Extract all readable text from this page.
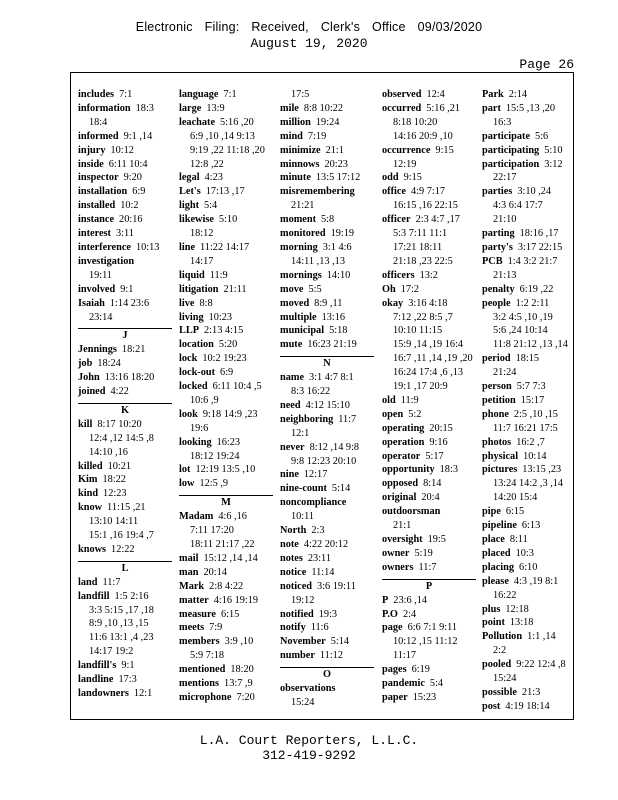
Electronic Filing: Received, Clerk's Office 09/03/2020
August 19, 2020
Page 26
includes 7:1
information 18:3
18:4
informed 9:1 ,14
injury 10:12
inside 6:11 10:4
inspector 9:20
installation 6:9
installed 10:2
instance 20:16
interest 3:11
interference 10:13
investigation
19:11
involved 9:1
Isaiah 1:14 23:6
23:14
J
Jennings 18:21
job 18:24
John 13:16 18:20
joined 4:22
K
kill 8:17 10:20
12:4 ,12 14:5 ,8
14:10 ,16
killed 10:21
Kim 18:22
kind 12:23
know 11:15 ,21
13:10 14:11
15:1 ,16 19:4 ,7
knows 12:22
L
land 11:7
landfill 1:5 2:16
3:3 5:15 ,17 ,18
8:9 ,10 ,13 ,15
11:6 13:1 ,4 ,23
14:17 19:2
landfill's 9:1
landline 17:3
landowners 12:1
language 7:1
large 13:9
leachate 5:16 ,20
6:9 ,10 ,14 9:13
9:19 ,22 11:18 ,20
12:8 ,22
legal 4:23
Let's 17:13 ,17
light 5:4
likewise 5:10
18:12
line 11:22 14:17
14:17
liquid 11:9
litigation 21:11
live 8:8
living 10:23
LLP 2:13 4:15
location 5:20
lock 10:2 19:23
lock-out 6:9
locked 6:11 10:4 ,5
10:6 ,9
look 9:18 14:9 ,23
19:6
looking 16:23
18:12 19:24
lot 12:19 13:5 ,10
low 12:5 ,9
M
Madam 4:6 ,16
7:11 17:20
18:11 21:17 ,22
mail 15:12 ,14 ,14
man 20:14
Mark 2:8 4:22
matter 4:16 19:19
measure 6:15
meets 7:9
members 3:9 ,10
5:9 7:18
mentioned 18:20
mentions 13:7 ,9
microphone 7:20
17:5
mile 8:8 10:22
million 19:24
mind 7:19
minimize 21:1
minnows 20:23
minute 13:5 17:12
misremembering
21:21
moment 5:8
monitored 19:19
morning 3:1 4:6
14:11 ,13 ,13
mornings 14:10
move 5:5
moved 8:9 ,11
multiple 13:16
municipal 5:18
mute 16:23 21:19
N
name 3:1 4:7 8:1
8:3 16:22
need 4:12 15:10
neighboring 11:7
12:1
never 8:12 ,14 9:8
9:8 12:23 20:10
nine 12:17
nine-count 5:14
noncompliance
10:11
North 2:3
note 4:22 20:12
notes 23:11
notice 11:14
noticed 3:6 19:11
19:12
notified 19:3
notify 11:6
November 5:14
number 11:12
O
observations
15:24
observed 12:4
occurred 5:16 ,21
8:18 10:20
14:16 20:9 ,10
occurrence 9:15
12:19
odd 9:15
office 4:9 7:17
16:15 ,16 22:15
officer 2:3 4:7 ,17
5:3 7:11 11:1
17:21 18:11
21:18 ,23 22:5
officers 13:2
Oh 17:2
okay 3:16 4:18
7:12 ,22 8:5 ,7
10:10 11:15
15:9 ,14 ,19 16:4
16:7 ,11 ,14 ,19 ,20
16:24 17:4 ,6 ,13
19:1 ,17 20:9
old 11:9
open 5:2
operating 20:15
operation 9:16
operator 5:17
opportunity 18:3
opposed 8:14
original 20:4
outdoorsman
21:1
oversight 19:5
owner 5:19
owners 11:7
P
P 23:6 ,14
P.O 2:4
page 6:6 7:1 9:11
10:12 ,15 11:12
11:17
pages 6:19
pandemic 5:4
paper 15:23
Park 2:14
part 15:5 ,13 ,20
16:3
participate 5:6
participating 5:10
participation 3:12
22:17
parties 3:10 ,24
4:3 6:4 17:7
21:10
parting 18:16 ,17
party's 3:17 22:15
PCB 1:4 3:2 21:7
21:13
penalty 6:19 ,22
people 1:2 2:11
3:2 4:5 ,10 ,19
5:6 ,24 10:14
11:8 21:12 ,13 ,14
period 18:15
21:24
person 5:7 7:3
petition 15:17
phone 2:5 ,10 ,15
11:7 16:21 17:5
photos 16:2 ,7
physical 10:14
pictures 13:15 ,23
13:24 14:2 ,3 ,14
14:20 15:4
pipe 6:15
pipeline 6:13
place 8:11
placed 10:3
placing 6:10
please 4:3 ,19 8:1
16:22
plus 12:18
point 13:18
Pollution 1:1 ,14
2:2
pooled 9:22 12:4 ,8
15:24
possible 21:3
post 4:19 18:14
L.A. Court Reporters, L.L.C.
312-419-9292
